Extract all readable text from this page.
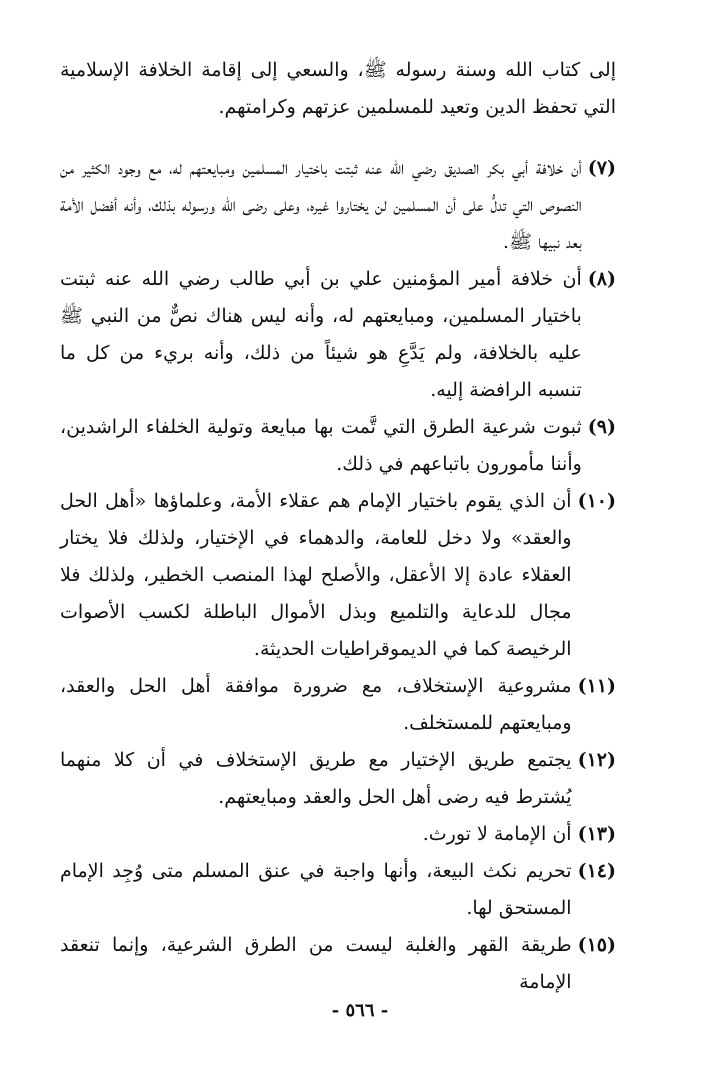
إلى كتاب الله وسنة رسوله ﷺ، والسعي إلى إقامة الخلافة الإسلامية التي تحفظ الدين وتعيد للمسلمين عزتهم وكرامتهم.

(٧)
أن خلافة أبي بكر الصديق رضي الله عنه ثبتت باختيار المسلمين ومبايعتهم له، مع وجود الكثير من النصوص التي تدلُّ على أن المسلمين لن يختاروا غيره، وعلى رضى الله ورسوله بذلك، وأنه أفضل الأمة بعد نبيها ﷺ.
(٨)
أن خلافة أمير المؤمنين علي بن أبي طالب رضي الله عنه ثبتت باختيار المسلمين، ومبايعتهم له، وأنه ليس هناك نصٌّ من النبي ﷺ عليه بالخلافة، ولم يَدَّعِ هو شيئاً من ذلك، وأنه بريء من كل ما تنسبه الرافضة إليه.
(٩)
ثبوت شرعية الطرق التي تَّمت بها مبايعة وتولية الخلفاء الراشدين، وأننا مأمورون باتباعهم في ذلك.
(١٠)
أن الذي يقوم باختيار الإمام هم عقلاء الأمة، وعلماؤها «أهل الحل والعقد» ولا دخل للعامة، والدهماء في الإختيار، ولذلك فلا يختار العقلاء عادة إلا الأعقل، والأصلح لهذا المنصب الخطير، ولذلك فلا مجال للدعاية والتلميع وبذل الأموال الباطلة لكسب الأصوات الرخيصة كما في الديموقراطيات الحديثة.
(١١)
مشروعية الإستخلاف، مع ضرورة موافقة أهل الحل والعقد، ومبايعتهم للمستخلف.
(١٢)
يجتمع طريق الإختيار مع طريق الإستخلاف في أن كلا منهما يُشترط فيه رضى أهل الحل والعقد ومبايعتهم.
(١٣)
أن الإمامة لا تورث.
(١٤)
تحريم نكث البيعة، وأنها واجبة في عنق المسلم متى وُجِد الإمام المستحق لها.
(١٥)
طريقة القهر والغلبة ليست من الطرق الشرعية، وإنما تنعقد الإمامة
- ٥٦٦ -
